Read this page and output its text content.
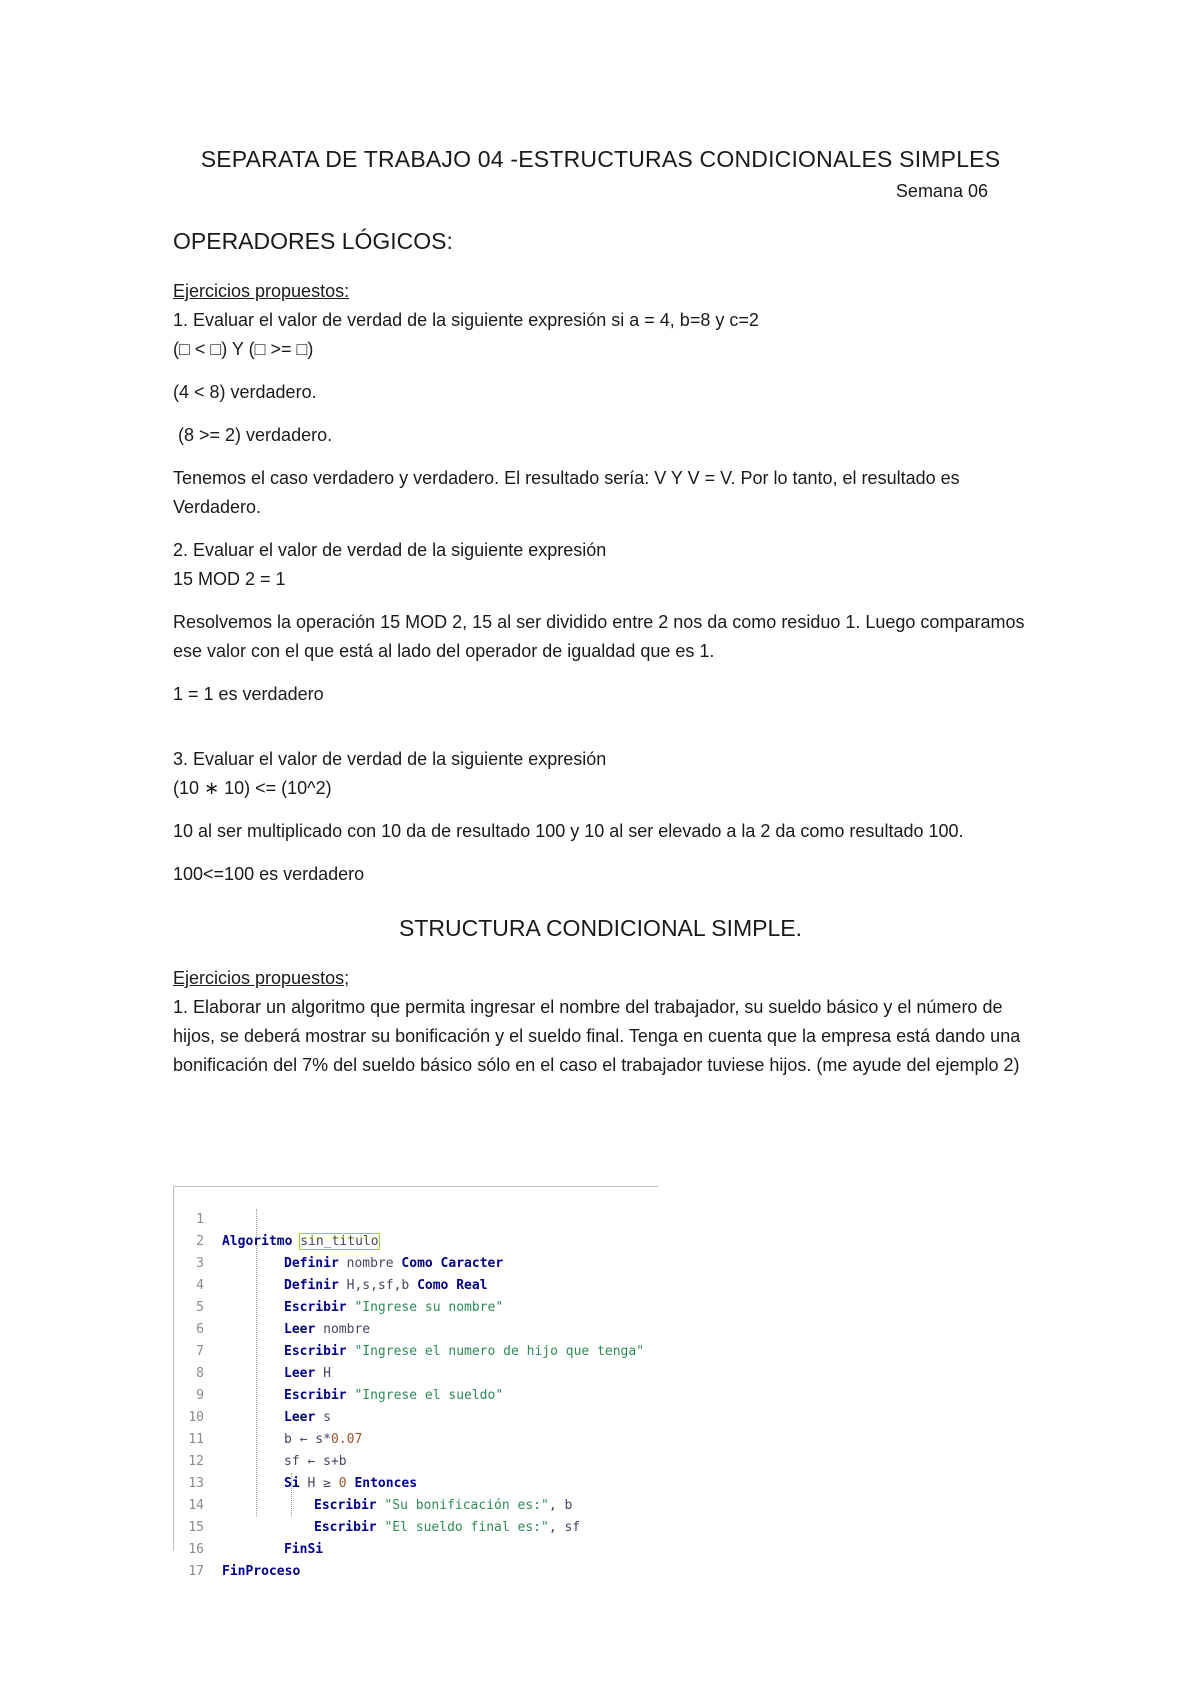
SEPARATA DE TRABAJO 04 -ESTRUCTURAS CONDICIONALES SIMPLES

Semana 06

OPERADORES LÓGICOS:

Ejercicios propuestos:

1. Evaluar el valor de verdad de la siguiente expresión si a = 4, b=8 y c=2

(□ < □) Y (□ >= □)

(4 < 8) verdadero.

(8 >= 2) verdadero.

Tenemos el caso verdadero y verdadero. El resultado sería: V Y V = V. Por lo tanto, el resultado es Verdadero.

2. Evaluar el valor de verdad de la siguiente expresión

15 MOD 2 = 1

Resolvemos la operación 15 MOD 2, 15 al ser dividido entre 2 nos da como residuo 1. Luego comparamos ese valor con el que está al lado del operador de igualdad que es 1.

1 = 1 es verdadero

3. Evaluar el valor de verdad de la siguiente expresión

(10 ∗ 10) <= (10^2)

10 al ser multiplicado con 10 da de resultado 100 y 10 al ser elevado a la 2 da como resultado 100.

100<=100 es verdadero

STRUCTURA CONDICIONAL SIMPLE.

Ejercicios propuestos;

1. Elaborar un algoritmo que permita ingresar el nombre del trabajador, su sueldo básico y el número de hijos, se deberá mostrar su bonificación y el sueldo final. Tenga en cuenta que la empresa está dando una bonificación del 7% del sueldo básico sólo en el caso el trabajador tuviese hijos. (me ayude del ejemplo 2)

1

Algoritmo sin_titulo

2

Definir nombre Como Caracter

3

Definir H,s,sf,b Como Real

4

Escribir "Ingrese su nombre"

5

Leer nombre

6

Escribir "Ingrese el numero de hijo que tenga"

7

Leer H

8

Escribir "Ingrese el sueldo"

9

Leer s

10

b ← s*0.07

11

sf ← s+b

12

Si H ≥ 0 Entonces

13

Escribir "Su bonificación es:", b

14

Escribir "El sueldo final es:", sf

15

FinSi

16

FinProceso

17
